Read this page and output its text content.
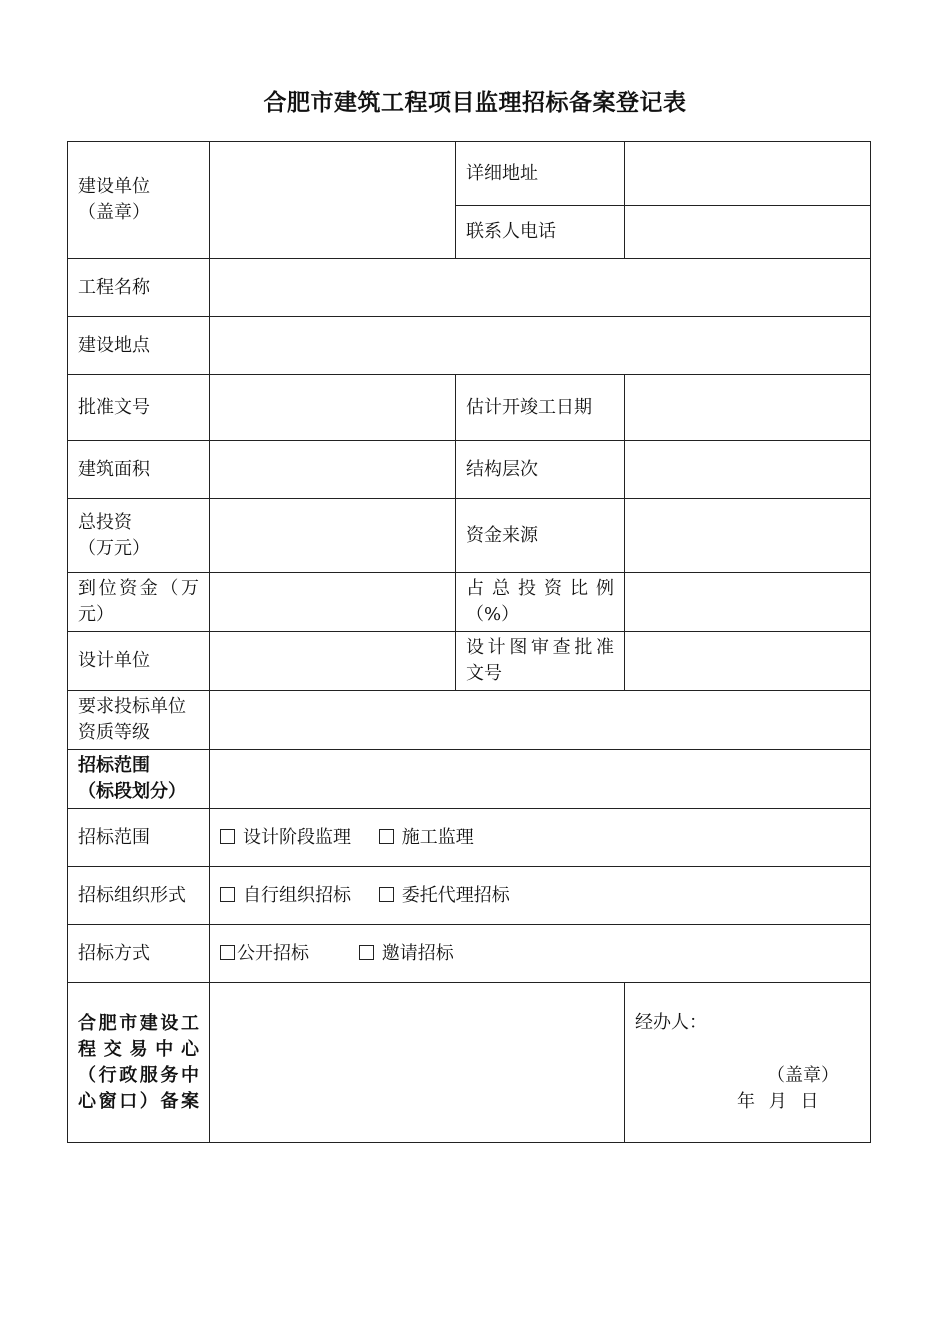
合肥市建筑工程项目监理招标备案登记表
建设单位
（盖章）		详细地址	
		联系人电话	
工程名称			
建设地点			
批准文号		估计开竣工日期	
建筑面积		结构层次	

总投资
（万元）		资金来源	

到位资金（万
元）		占总投资比例
（%）	

设计单位		设计图审查批准
文号	

要求投标单位
资质等级			

招标范围
（标段划分）			

招标范围	设计阶段监理 施工监理		
招标组织形式	自行组织招标 委托代理招标		
招标方式	公开招标 邀请招标		

合肥市建设工
程交易中心
（行政服务中
心窗口）备案			经办人：
（盖章）
年 月 日
